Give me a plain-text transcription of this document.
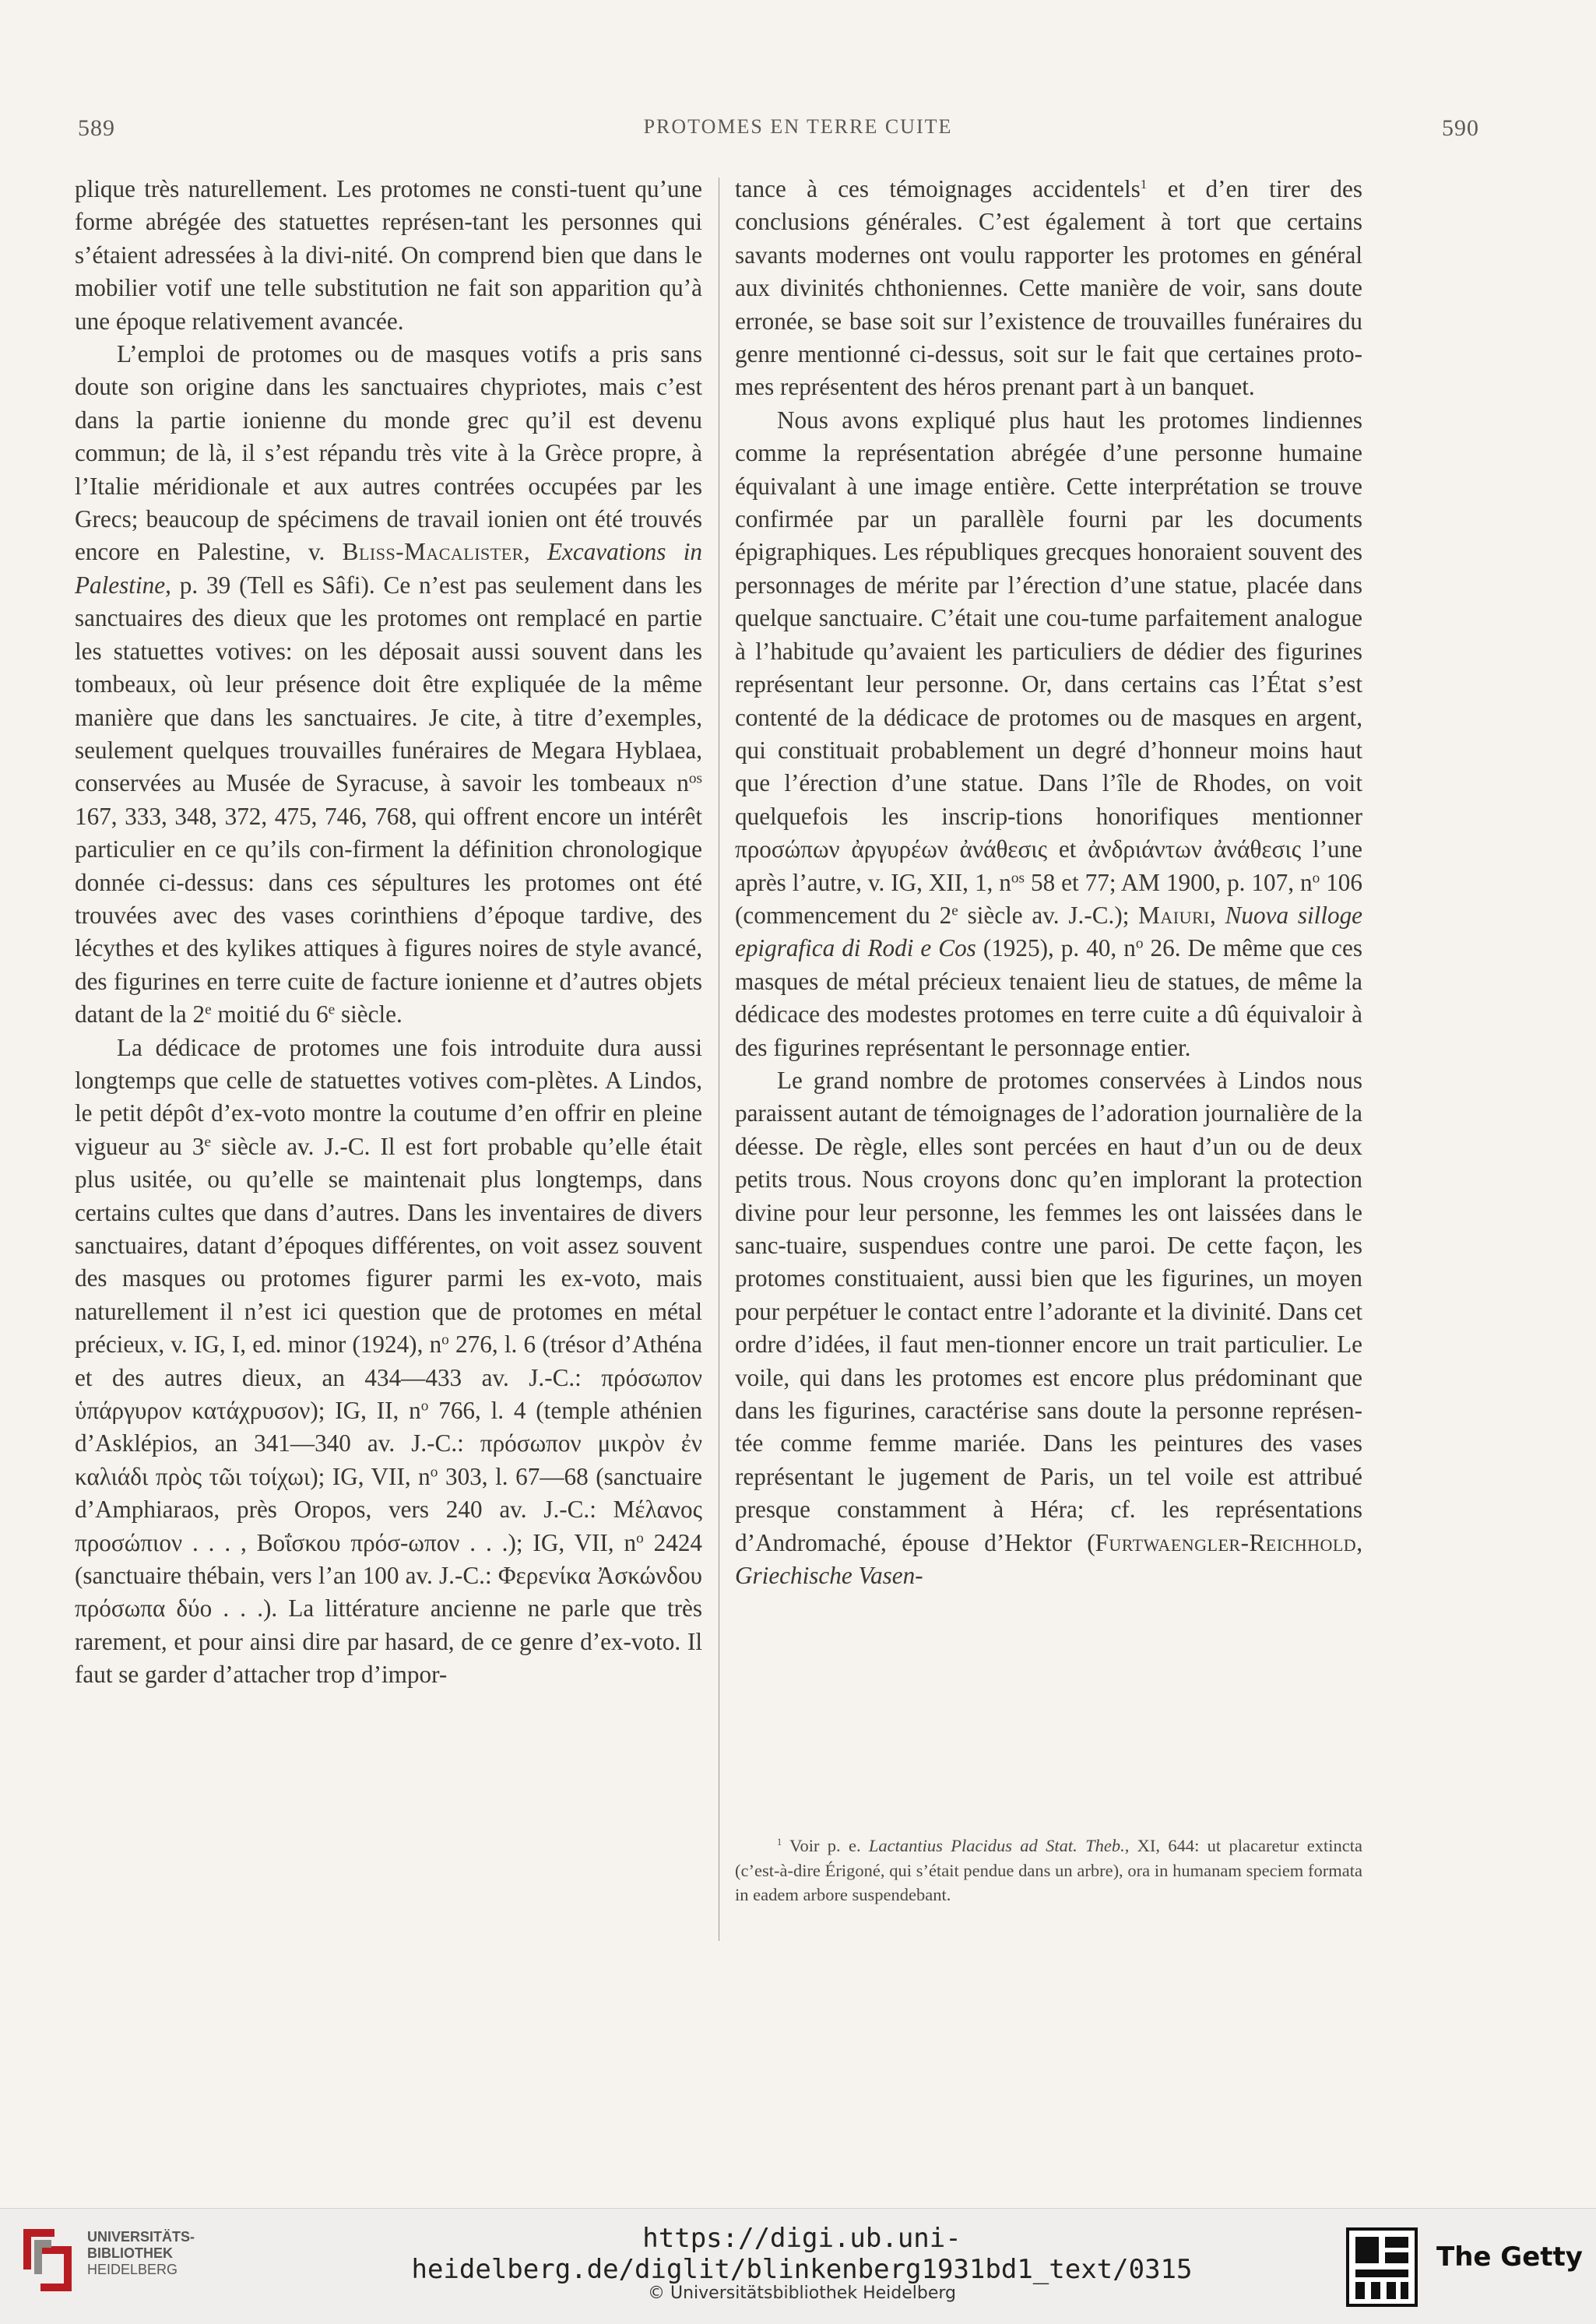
589	PROTOMES EN TERRE CUITE	590

plique très naturellement. Les protomes ne consti-tuent qu’une forme abrégée des statuettes représen-tant les personnes qui s’étaient adressées à la divi-nité. On comprend bien que dans le mobilier votif une telle substitution ne fait son apparition qu’à une époque relativement avancée.

L’emploi de protomes ou de masques votifs a pris sans doute son origine dans les sanctuaires chypriotes, mais c’est dans la partie ionienne du monde grec qu’il est devenu commun; de là, il s’est répandu très vite à la Grèce propre, à l’Italie méridionale et aux autres contrées occupées par les Grecs; beaucoup de spécimens de travail ionien ont été trouvés encore en Palestine, v. Bliss-Macalister, Excavations in Palestine, p. 39 (Tell es Sâfi). Ce n’est pas seulement dans les sanctuaires des dieux que les protomes ont remplacé en partie les statuettes votives: on les déposait aussi souvent dans les tombeaux, où leur présence doit être expliquée de la même manière que dans les sanctuaires. Je cite, à titre d’exemples, seulement quelques trouvailles funéraires de Megara Hyblaea, conservées au Musée de Syracuse, à savoir les tombeaux $n^{os}$ 167, 333, 348, 372, 475, 746, 768, qui offrent encore un intérêt particulier en ce qu’ils con-firment la définition chronologique donnée ci-dessus: dans ces sépultures les protomes ont été trouvées avec des vases corinthiens d’époque tardive, des lécythes et des kylikes attiques à figures noires de style avancé, des figurines en terre cuite de facture ionienne et d’autres objets datant de la 2e moitié du 6e siècle.

La dédicace de protomes une fois introduite dura aussi longtemps que celle de statuettes votives com-plètes. A Lindos, le petit dépôt d’ex-voto montre la coutume d’en offrir en pleine vigueur au 3e siècle av. J.-C. Il est fort probable qu’elle était plus usitée, ou qu’elle se maintenait plus longtemps, dans certains cultes que dans d’autres. Dans les inventaires de divers sanctuaires, datant d’époques différentes, on voit assez souvent des masques ou protomes figurer parmi les ex-voto, mais naturellement il n’est ici question que de protomes en métal précieux, v. IG, I, ed. minor (1924), $n^o$ 276, l. 6 (trésor d’Athéna et des autres dieux, an 434—433 av. J.-C.: πρόσωπον ὑπάργυρον κατάχρυσον); IG, II, $n^o$ 766, l. 4 (temple athénien d’Asklépios, an 341—340 av. J.-C.: πρόσωπον μικρὸν ἐν καλιάδι πρὸς τῶι τοίχωι); IG, VII, $n^o$ 303, l. 67—68 (sanctuaire d’Amphiaraos, près Oropos, vers 240 av. J.-C.: Μέλανος προσώπιον . . . , Βοΐσκου πρόσ-ωπον . . .); IG, VII, $n^o$ 2424 (sanctuaire thébain, vers l’an 100 av. J.-C.: Φερενίκα Ἀσκώνδου πρόσωπα δύο . . .). La littérature ancienne ne parle que très rarement, et pour ainsi dire par hasard, de ce genre d’ex-voto. Il faut se garder d’attacher trop d’impor-

tance à ces témoignages accidentels$^1$ et d’en tirer des conclusions générales. C’est également à tort que certains savants modernes ont voulu rapporter les protomes en général aux divinités chthoniennes. Cette manière de voir, sans doute erronée, se base soit sur l’existence de trouvailles funéraires du genre mentionné ci-dessus, soit sur le fait que certaines proto-mes représentent des héros prenant part à un banquet.

Nous avons expliqué plus haut les protomes lindiennes comme la représentation abrégée d’une personne humaine équivalant à une image entière. Cette interprétation se trouve confirmée par un parallèle fourni par les documents épigraphiques. Les républiques grecques honoraient souvent des personnages de mérite par l’érection d’une statue, placée dans quelque sanctuaire. C’était une cou-tume parfaitement analogue à l’habitude qu’avaient les particuliers de dédier des figurines représentant leur personne. Or, dans certains cas l’État s’est contenté de la dédicace de protomes ou de masques en argent, qui constituait probablement un degré d’honneur moins haut que l’érection d’une statue. Dans l’île de Rhodes, on voit quelquefois les inscrip-tions honorifiques mentionner προσώπων ἀργυρέων ἀνάθεσις et ἀνδριάντων ἀνάθεσις l’une après l’autre, v. IG, XII, 1, $n^{os}$ 58 et 77; AM 1900, p. 107, $n^o$ 106 (commencement du 2e siècle av. J.-C.); Maiuri, Nuova silloge epigrafica di Rodi e Cos (1925), p. 40, $n^o$ 26. De même que ces masques de métal précieux tenaient lieu de statues, de même la dédicace des modestes protomes en terre cuite a dû équivaloir à des figurines représentant le personnage entier.

Le grand nombre de protomes conservées à Lindos nous paraissent autant de témoignages de l’adoration journalière de la déesse. De règle, elles sont percées en haut d’un ou de deux petits trous. Nous croyons donc qu’en implorant la protection divine pour leur personne, les femmes les ont laissées dans le sanc-tuaire, suspendues contre une paroi. De cette façon, les protomes constituaient, aussi bien que les figurines, un moyen pour perpétuer le contact entre l’adorante et la divinité. Dans cet ordre d’idées, il faut men-tionner encore un trait particulier. Le voile, qui dans les protomes est encore plus prédominant que dans les figurines, caractérise sans doute la personne représen-tée comme femme mariée. Dans les peintures des vases représentant le jugement de Paris, un tel voile est attribué presque constamment à Héra; cf. les représentations d’Andromaché, épouse d’Hektor (Furtwaengler-Reichhold, Griechische Vasen-

$^1$ Voir p. e. Lactantius Placidus ad Stat. Theb., XI, 644: ut placaretur extincta (c’est-à-dire Érigoné, qui s’était pendue dans un arbre), ora in humanam speciem formata in eadem arbore suspendebant.
UNIVERSITÄTS-
BIBLIOTHEK
HEIDELBERG
https://digi.ub.uni-heidelberg.de/diglit/blinkenberg1931bd1_text/0315
© Universitätsbibliothek Heidelberg
The Getty
